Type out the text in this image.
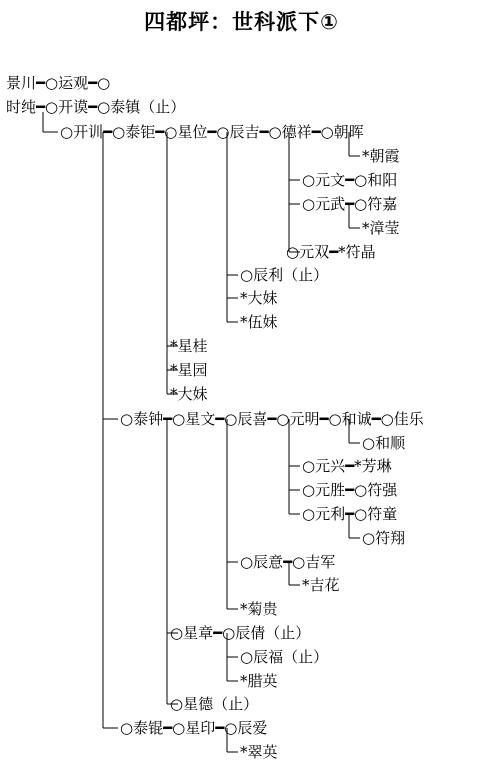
四都坪：世科派下①
景川━○运观━○
时纯━○开谟━○泰镇（止）
○开训━○泰钜━○星位━○辰吉━○德祥━○朝晖
*朝霞
○元文━○和阳
○元武━○符嘉
*漳莹
○元双━*符晶
○辰利（止）
*大妹
*伍妹
*星桂
*星园
*大妹
○泰钟━○星文━○辰喜━○元明━○和诚━○佳乐
○和顺
○元兴━*芳琳
○元胜━○符强
○元利━○符童
○符翔
○辰意━○吉军
*吉花
*菊贵
○星章━○辰倩（止）
○辰福（止）
*腊英
○星德（止）
○泰锟━○星印━○辰爱
*翠英
